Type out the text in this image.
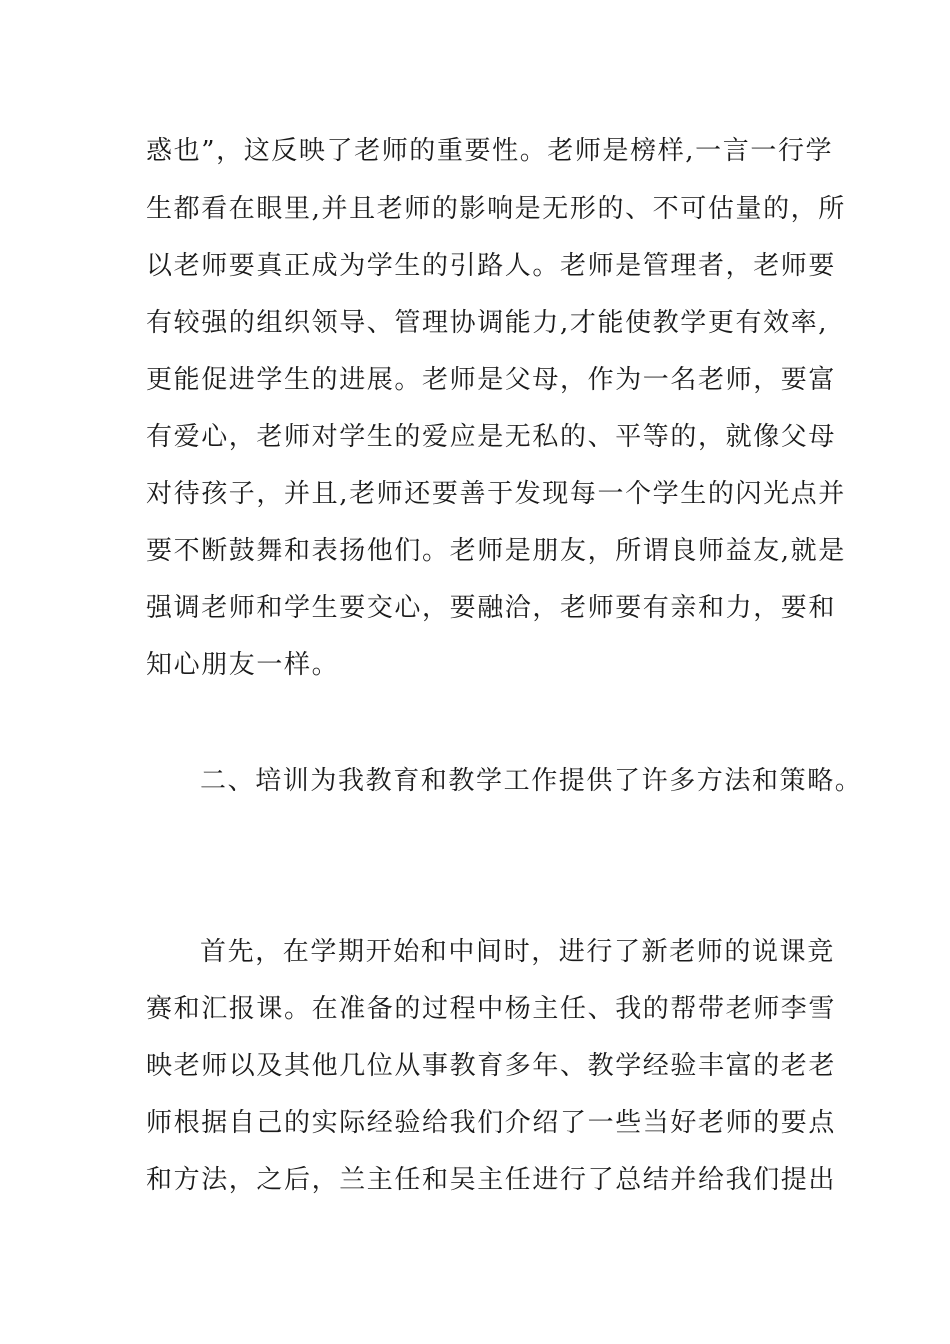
惑也”，这反映了老师的重要性。老师是榜样,一言一行学

生都看在眼里,并且老师的影响是无形的、不可估量的，所

以老师要真正成为学生的引路人。老师是管理者，老师要

有较强的组织领导、管理协调能力,才能使教学更有效率,

更能促进学生的进展。老师是父母，作为一名老师，要富

有爱心，老师对学生的爱应是无私的、平等的，就像父母

对待孩子，并且,老师还要善于发现每一个学生的闪光点并

要不断鼓舞和表扬他们。老师是朋友，所谓良师益友,就是

强调老师和学生要交心，要融洽，老师要有亲和力，要和

知心朋友一样。

二、培训为我教育和教学工作提供了许多方法和策略。

首先，在学期开始和中间时，进行了新老师的说课竞

赛和汇报课。在准备的过程中杨主任、我的帮带老师李雪

映老师以及其他几位从事教育多年、教学经验丰富的老老

师根据自己的实际经验给我们介绍了一些当好老师的要点

和方法，之后，兰主任和吴主任进行了总结并给我们提出
